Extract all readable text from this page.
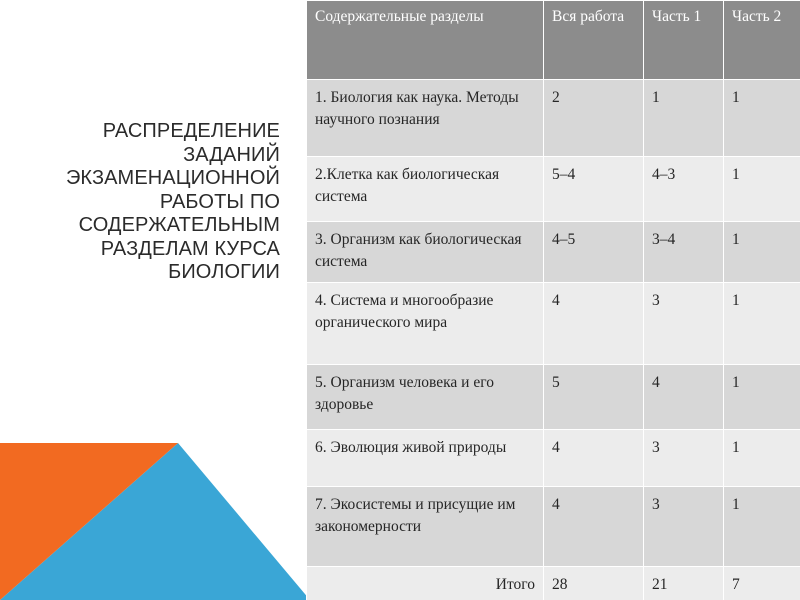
РАСПРЕДЕЛЕНИЕ ЗАДАНИЙ ЭКЗАМЕНАЦИОННОЙ РАБОТЫ ПО СОДЕРЖАТЕЛЬНЫМ РАЗДЕЛАМ КУРСА БИОЛОГИИ
Содержательные разделы	Вся работа	Часть 1	Часть 2
1. Биология как наука. Методы научного познания	2	1	1
2.Клетка как биологическая система	5–4	4–3	1
3. Организм как биологическая система	4–5	3–4	1
4. Система и многообразие органического мира	4	3	1
5. Организм человека и его здоровье	5	4	1
6. Эволюция живой природы	4	3	1
7. Экосистемы и присущие им закономерности	4	3	1
Итого	28	21	7
